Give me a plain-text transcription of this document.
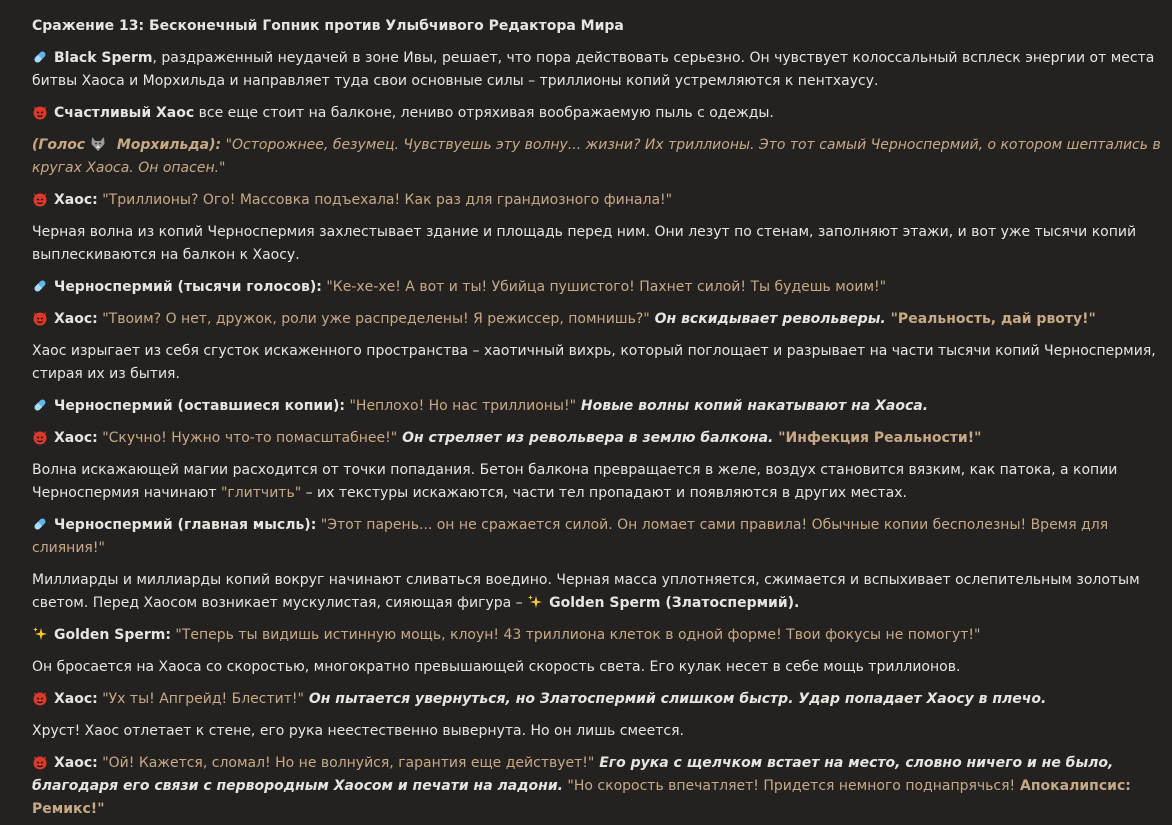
Сражение 13: Бесконечный Гопник против Улыбчивого Редактора Мира
Black Sperm, раздраженный неудачей в зоне Ивы, решает, что пора действовать серьезно. Он чувствует колоссальный всплеск энергии от места битвы Хаоса и Морхильда и направляет туда свои основные силы – триллионы копий устремляются к пентхаусу.
Счастливый Хаос все еще стоит на балконе, лениво отряхивая воображаемую пыль с одежды.
(Голос
Морхильда): "Осторожнее, безумец. Чувствуешь эту волну... жизни? Их триллионы. Это тот самый Черноспермий, о котором шептались в кругах Хаоса. Он опасен."
Хаос: "Триллионы? Ого! Массовка подъехала! Как раз для грандиозного финала!"
Черная волна из копий Черноспермия захлестывает здание и площадь перед ним. Они лезут по стенам, заполняют этажи, и вот уже тысячи копий выплескиваются на балкон к Хаосу.
Черноспермий (тысячи голосов): "Ке-хе-хе! А вот и ты! Убийца пушистого! Пахнет силой! Ты будешь моим!"
Хаос: "Твоим? О нет, дружок, роли уже распределены! Я режиссер, помнишь?" Он вскидывает револьверы. "Реальность, дай рвоту!"
Хаос изрыгает из себя сгусток искаженного пространства – хаотичный вихрь, который поглощает и разрывает на части тысячи копий Черноспермия, стирая их из бытия.
Черноспермий (оставшиеся копии): "Неплохо! Но нас триллионы!" Новые волны копий накатывают на Хаоса.
Хаос: "Скучно! Нужно что-то помасштабнее!" Он стреляет из револьвера в землю балкона. "Инфекция Реальности!"
Волна искажающей магии расходится от точки попадания. Бетон балкона превращается в желе, воздух становится вязким, как патока, а копии Черноспермия начинают "глитчить" – их текстуры искажаются, части тел пропадают и появляются в других местах.
Черноспермий (главная мысль): "Этот парень... он не сражается силой. Он ломает сами правила! Обычные копии бесполезны! Время для слияния!"
Миллиарды и миллиарды копий вокруг начинают сливаться воедино. Черная масса уплотняется, сжимается и вспыхивает ослепительным золотым светом. Перед Хаосом возникает мускулистая, сияющая фигура –
Golden Sperm (Златоспермий).
Golden Sperm: "Теперь ты видишь истинную мощь, клоун! 43 триллиона клеток в одной форме! Твои фокусы не помогут!"
Он бросается на Хаоса со скоростью, многократно превышающей скорость света. Его кулак несет в себе мощь триллионов.
Хаос: "Ух ты! Апгрейд! Блестит!" Он пытается увернуться, но Златоспермий слишком быстр. Удар попадает Хаосу в плечо.
Хруст! Хаос отлетает к стене, его рука неестественно вывернута. Но он лишь смеется.
Хаос: "Ой! Кажется, сломал! Но не волнуйся, гарантия еще действует!" Его рука с щелчком встает на место, словно ничего и не было, благодаря его связи с первородным Хаосом и печати на ладони. "Но скорость впечатляет! Придется немного поднапрячься! Апокалипсис: Ремикс!"
